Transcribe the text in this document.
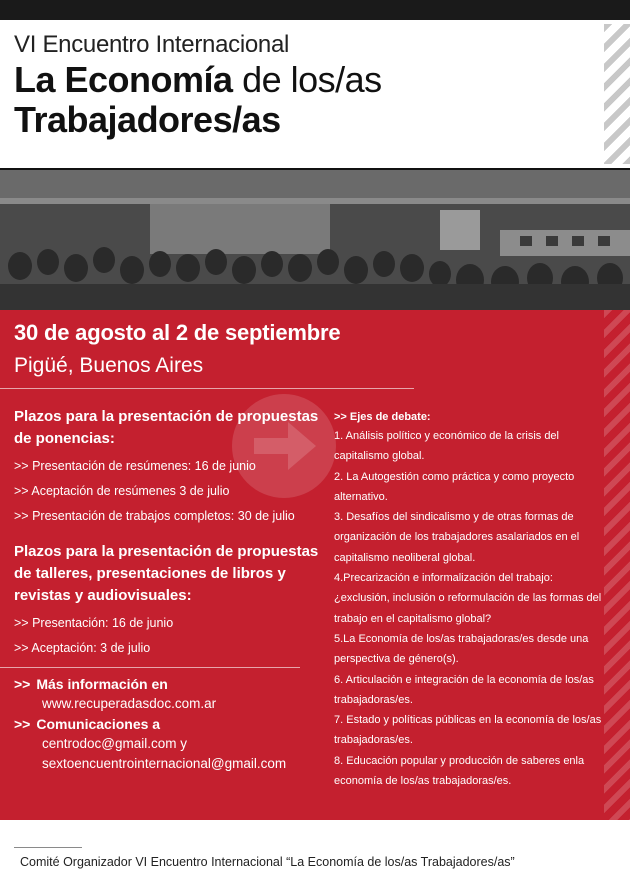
VI Encuentro Internacional
La Economía de los/as
Trabajadores/as
30 de agosto al 2 de septiembre
Pigüé, Buenos Aires
Plazos para la presentación de propuestas de ponencias:
>> Presentación de resúmenes: 16 de junio
>> Aceptación de resúmenes 3 de julio
>> Presentación de trabajos completos: 30 de julio
Plazos para la presentación de propuestas de talleres, presentaciones de libros y revistas y audiovisuales:
>> Presentación: 16 de junio
>> Aceptación: 3 de julio
>> Más información en
www.recuperadasdoc.com.ar
>> Comunicaciones a
centrodoc@gmail.com y
sextoencuentrointernacional@gmail.com
>> Ejes de debate:
1. Análisis político y económico de la crisis del capitalismo global.
2. La Autogestión como práctica y como proyecto alternativo.
3. Desafíos del sindicalismo y de otras formas de organización de los trabajadores asalariados en el capitalismo neoliberal global.
4.Precarización e informalización del trabajo: ¿exclusión, inclusión o reformulación de las formas del trabajo en el capitalismo global?
5.La Economía de los/as trabajadoras/es desde una perspectiva de género(s).
6. Articulación e integración de la economía de los/as trabajadoras/es.
7. Estado y políticas públicas en la economía de los/as trabajadoras/es.
8. Educación popular y producción de saberes enla economía de los/as trabajadoras/es.
Comité Organizador VI Encuentro Internacional “La Economía de los/as Trabajadores/as”
